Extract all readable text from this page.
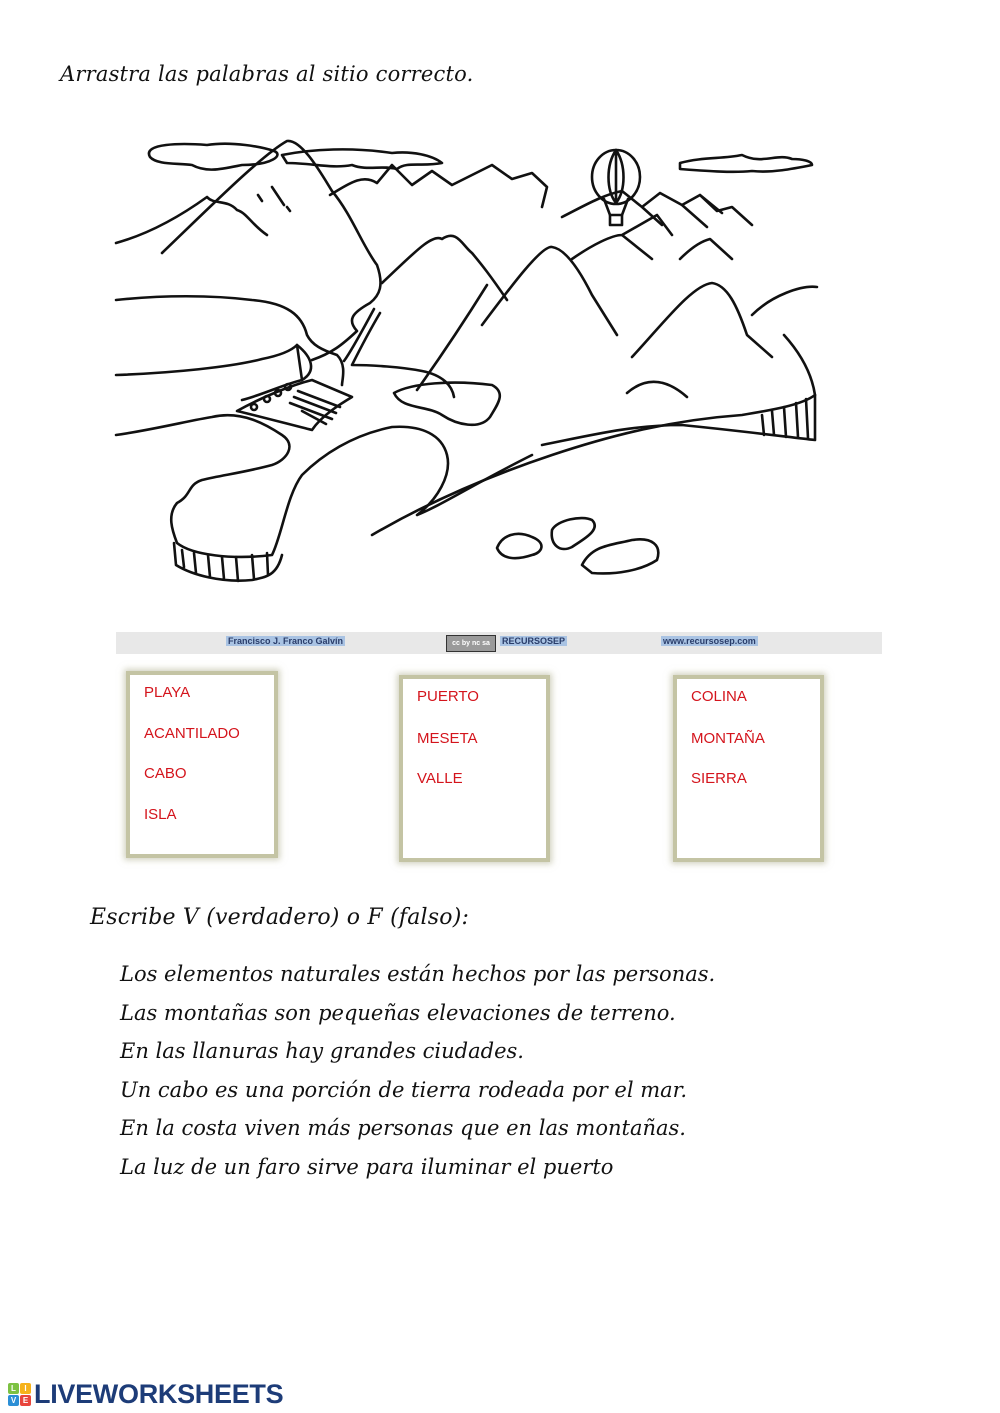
Arrastra las palabras al sitio correcto.
Francisco J. Franco Galvín	cc by nc sa	RECURSOSEP	www.recursosep.com
PLAYA
ACANTILADO
CABO
ISLA
PUERTO
MESETA
VALLE
COLINA
MONTAÑA
SIERRA
Escribe V (verdadero) o F (falso):
Los elementos naturales están hechos por las personas.
Las montañas son pequeñas elevaciones de terreno.
En las llanuras hay grandes ciudades.
Un cabo es una porción de tierra rodeada por el mar.
En la costa viven más personas que en las montañas.
La luz de un faro sirve para iluminar el puerto
L	I
V E LIVEWORKSHEETS
